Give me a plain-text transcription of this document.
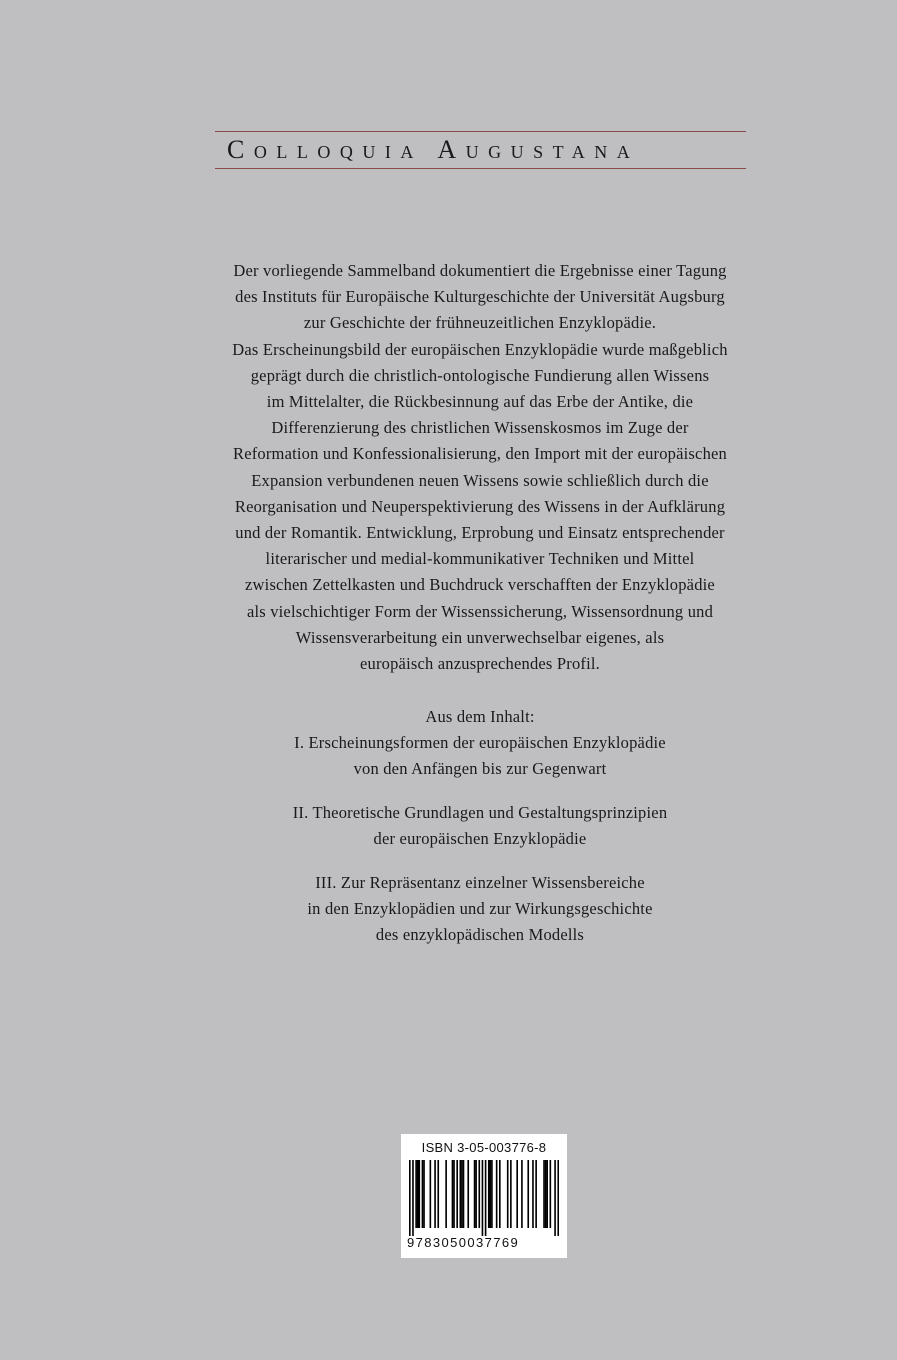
Colloquia Augustana

Der vorliegende Sammelband dokumentiert die Ergebnisse einer Tagung
des Instituts für Europäische Kulturgeschichte der Universität Augsburg
zur Geschichte der frühneuzeitlichen Enzyklopädie.
Das Erscheinungsbild der europäischen Enzyklopädie wurde maßgeblich
geprägt durch die christlich-ontologische Fundierung allen Wissens
im Mittelalter, die Rückbesinnung auf das Erbe der Antike, die
Differenzierung des christlichen Wissenskosmos im Zuge der
Reformation und Konfessionalisierung, den Import mit der europäischen
Expansion verbundenen neuen Wissens sowie schließlich durch die
Reorganisation und Neuperspektivierung des Wissens in der Aufklärung
und der Romantik. Entwicklung, Erprobung und Einsatz entsprechender
literarischer und medial-kommunikativer Techniken und Mittel
zwischen Zettelkasten und Buchdruck verschafften der Enzyklopädie
als vielschichtiger Form der Wissenssicherung, Wissensordnung und
Wissensverarbeitung ein unverwechselbar eigenes, als
europäisch anzusprechendes Profil.

Aus dem Inhalt:

I. Erscheinungsformen der europäischen Enzyklopädie
von den Anfängen bis zur Gegenwart

II. Theoretische Grundlagen und Gestaltungsprinzipien
der europäischen Enzyklopädie

III. Zur Repräsentanz einzelner Wissensbereiche
in den Enzyklopädien und zur Wirkungsgeschichte
des enzyklopädischen Modells

ISBN 3-05-003776-8
9783050037769
